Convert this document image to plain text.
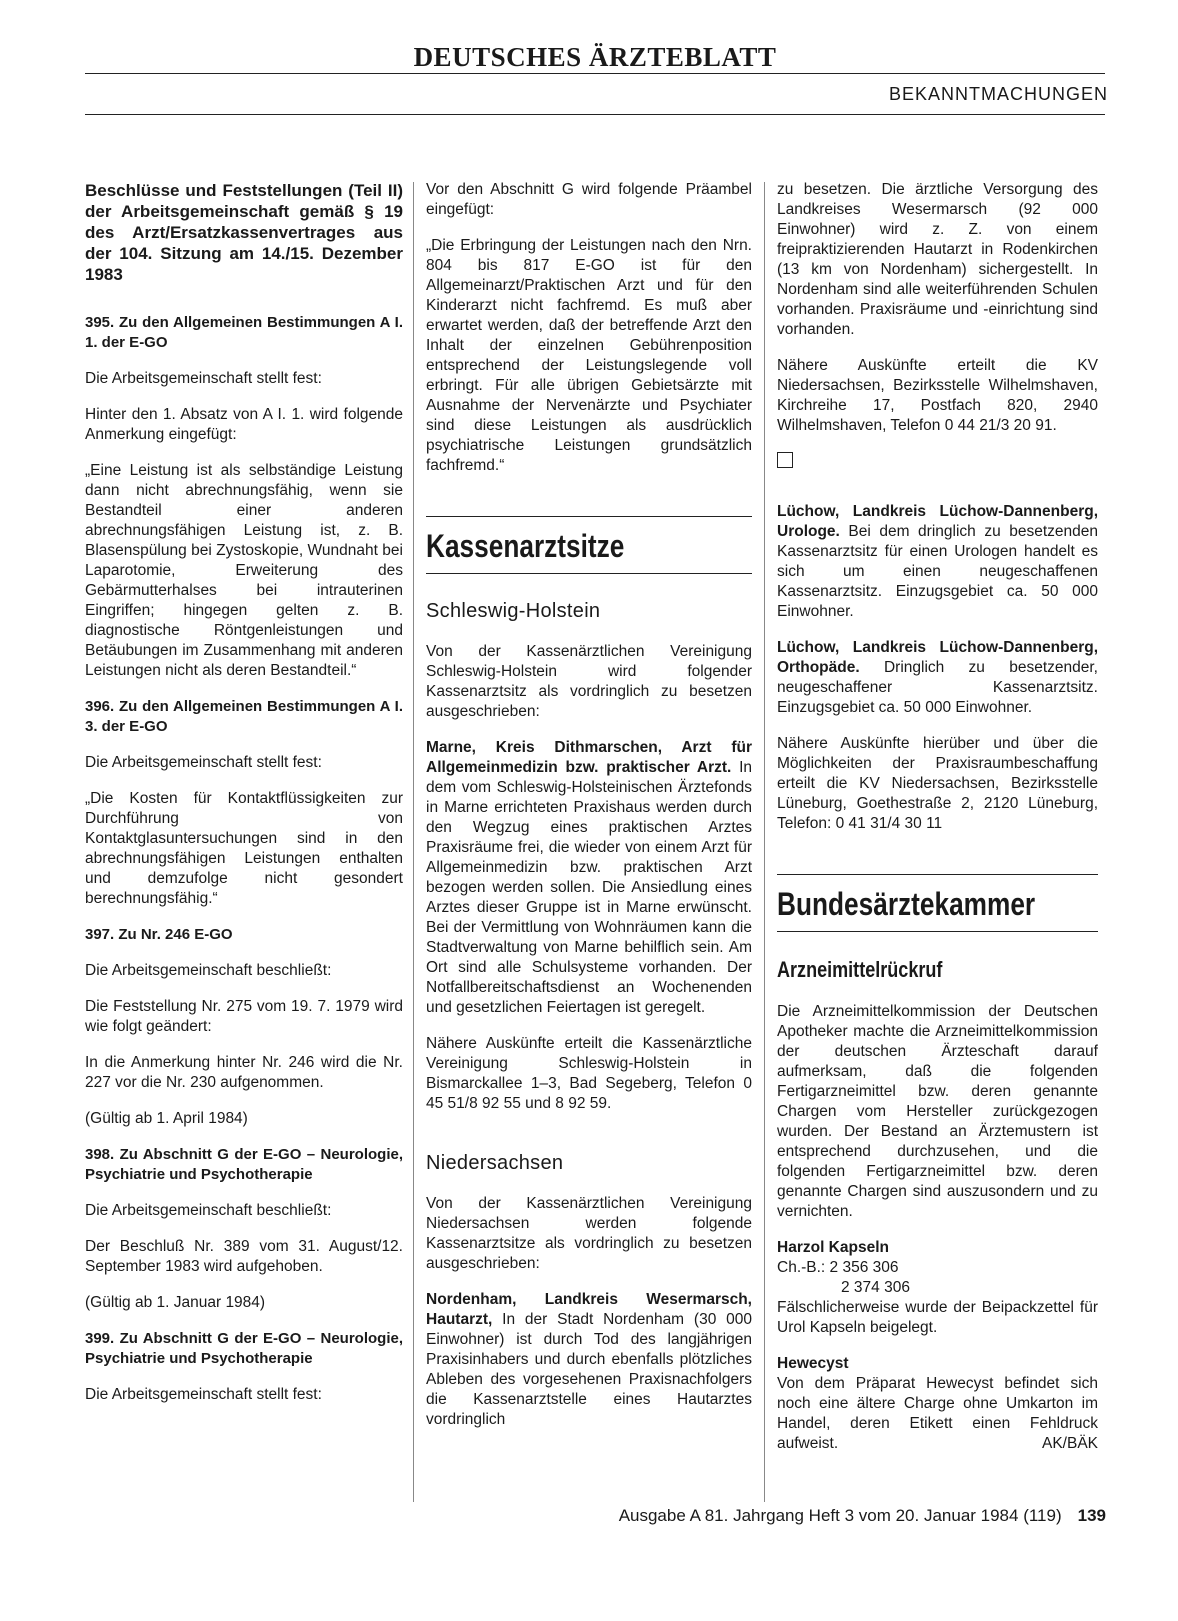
DEUTSCHES ÄRZTEBLATT
BEKANNTMACHUNGEN

Beschlüsse und Feststellungen (Teil II) der Arbeitsgemeinschaft gemäß § 19 des Arzt/Ersatzkassenvertrages aus der 104. Sitzung am 14./15. Dezember 1983

395. Zu den Allgemeinen Bestimmungen A I. 1. der E-GO

Die Arbeitsgemeinschaft stellt fest:

Hinter den 1. Absatz von A I. 1. wird folgende Anmerkung eingefügt:

„Eine Leistung ist als selbständige Leistung dann nicht abrechnungsfähig, wenn sie Bestandteil einer anderen abrechnungsfähigen Leistung ist, z. B. Blasenspülung bei Zystoskopie, Wundnaht bei Laparotomie, Erweiterung des Gebärmutterhalses bei intrauterinen Eingriffen; hingegen gelten z. B. diagnostische Röntgenleistungen und Betäubungen im Zusammenhang mit anderen Leistungen nicht als deren Bestandteil.“

396. Zu den Allgemeinen Bestimmungen A I. 3. der E-GO

Die Arbeitsgemeinschaft stellt fest:

„Die Kosten für Kontaktflüssigkeiten zur Durchführung von Kontaktglasuntersuchungen sind in den abrechnungsfähigen Leistungen enthalten und demzufolge nicht gesondert berechnungsfähig.“

397. Zu Nr. 246 E-GO

Die Arbeitsgemeinschaft beschließt:

Die Feststellung Nr. 275 vom 19. 7. 1979 wird wie folgt geändert:

In die Anmerkung hinter Nr. 246 wird die Nr. 227 vor die Nr. 230 aufgenommen.

(Gültig ab 1. April 1984)

398. Zu Abschnitt G der E-GO – Neurologie, Psychiatrie und Psychotherapie

Die Arbeitsgemeinschaft beschließt:

Der Beschluß Nr. 389 vom 31. August/12. September 1983 wird aufgehoben.

(Gültig ab 1. Januar 1984)

399. Zu Abschnitt G der E-GO – Neurologie, Psychiatrie und Psychotherapie

Die Arbeitsgemeinschaft stellt fest:

Vor den Abschnitt G wird folgende Präambel eingefügt:

„Die Erbringung der Leistungen nach den Nrn. 804 bis 817 E-GO ist für den Allgemeinarzt/Praktischen Arzt und für den Kinderarzt nicht fachfremd. Es muß aber erwartet werden, daß der betreffende Arzt den Inhalt der einzelnen Gebührenposition entsprechend der Leistungslegende voll erbringt. Für alle übrigen Gebietsärzte mit Ausnahme der Nervenärzte und Psychiater sind diese Leistungen als ausdrücklich psychiatrische Leistungen grundsätzlich fachfremd.“

Kassenarztsitze
Schleswig-Holstein

Von der Kassenärztlichen Vereinigung Schleswig-Holstein wird folgender Kassenarztsitz als vordringlich zu besetzen ausgeschrieben:

Marne, Kreis Dithmarschen, Arzt für Allgemeinmedizin bzw. praktischer Arzt. In dem vom Schleswig-Holsteinischen Ärztefonds in Marne errichteten Praxishaus werden durch den Wegzug eines praktischen Arztes Praxisräume frei, die wieder von einem Arzt für Allgemeinmedizin bzw. praktischen Arzt bezogen werden sollen. Die Ansiedlung eines Arztes dieser Gruppe ist in Marne erwünscht. Bei der Vermittlung von Wohnräumen kann die Stadtverwaltung von Marne behilflich sein. Am Ort sind alle Schulsysteme vorhanden. Der Notfallbereitschaftsdienst an Wochenenden und gesetzlichen Feiertagen ist geregelt.

Nähere Auskünfte erteilt die Kassenärztliche Vereinigung Schleswig-Holstein in Bismarckallee 1–3, Bad Segeberg, Telefon 0 45 51/8 92 55 und 8 92 59.

Niedersachsen

Von der Kassenärztlichen Vereinigung Niedersachsen werden folgende Kassenarztsitze als vordringlich zu besetzen ausgeschrieben:

Nordenham, Landkreis Wesermarsch, Hautarzt, In der Stadt Nordenham (30 000 Einwohner) ist durch Tod des langjährigen Praxisinhabers und durch ebenfalls plötzliches Ableben des vorgesehenen Praxisnachfolgers die Kassenarztstelle eines Hautarztes vordringlich

zu besetzen. Die ärztliche Versorgung des Landkreises Wesermarsch (92 000 Einwohner) wird z. Z. von einem freipraktizierenden Hautarzt in Rodenkirchen (13 km von Nordenham) sichergestellt. In Nordenham sind alle weiterführenden Schulen vorhanden. Praxisräume und -einrichtung sind vorhanden.

Nähere Auskünfte erteilt die KV Niedersachsen, Bezirksstelle Wilhelmshaven, Kirchreihe 17, Postfach 820, 2940 Wilhelmshaven, Telefon 0 44 21/3 20 91.

Lüchow, Landkreis Lüchow-Dannenberg, Urologe. Bei dem dringlich zu besetzenden Kassenarztsitz für einen Urologen handelt es sich um einen neugeschaffenen Kassenarztsitz. Einzugsgebiet ca. 50 000 Einwohner.

Lüchow, Landkreis Lüchow-Dannenberg, Orthopäde. Dringlich zu besetzender, neugeschaffener Kassenarztsitz. Einzugsgebiet ca. 50 000 Einwohner.

Nähere Auskünfte hierüber und über die Möglichkeiten der Praxisraumbeschaffung erteilt die KV Niedersachsen, Bezirksstelle Lüneburg, Goethestraße 2, 2120 Lüneburg, Telefon: 0 41 31/4 30 11

Bundesärztekammer
Arzneimittelrückruf

Die Arzneimittelkommission der Deutschen Apotheker machte die Arzneimittelkommission der deutschen Ärzteschaft darauf aufmerksam, daß die folgenden Fertigarzneimittel bzw. deren genannte Chargen vom Hersteller zurückgezogen wurden. Der Bestand an Ärztemustern ist entsprechend durchzusehen, und die folgenden Fertigarzneimittel bzw. deren genannte Chargen sind auszusondern und zu vernichten.

Harzol Kapseln
Ch.-B.: 2 356 306
2 374 306

Fälschlicherweise wurde der Beipackzettel für Urol Kapseln beigelegt.

Hewecyst

Von dem Präparat Hewecyst befindet sich noch eine ältere Charge ohne Umkarton im Handel, deren Etikett einen Fehldruck aufweist.	AK/BÄK
Ausgabe A 81. Jahrgang Heft 3 vom 20. Januar 1984 (119) 139
